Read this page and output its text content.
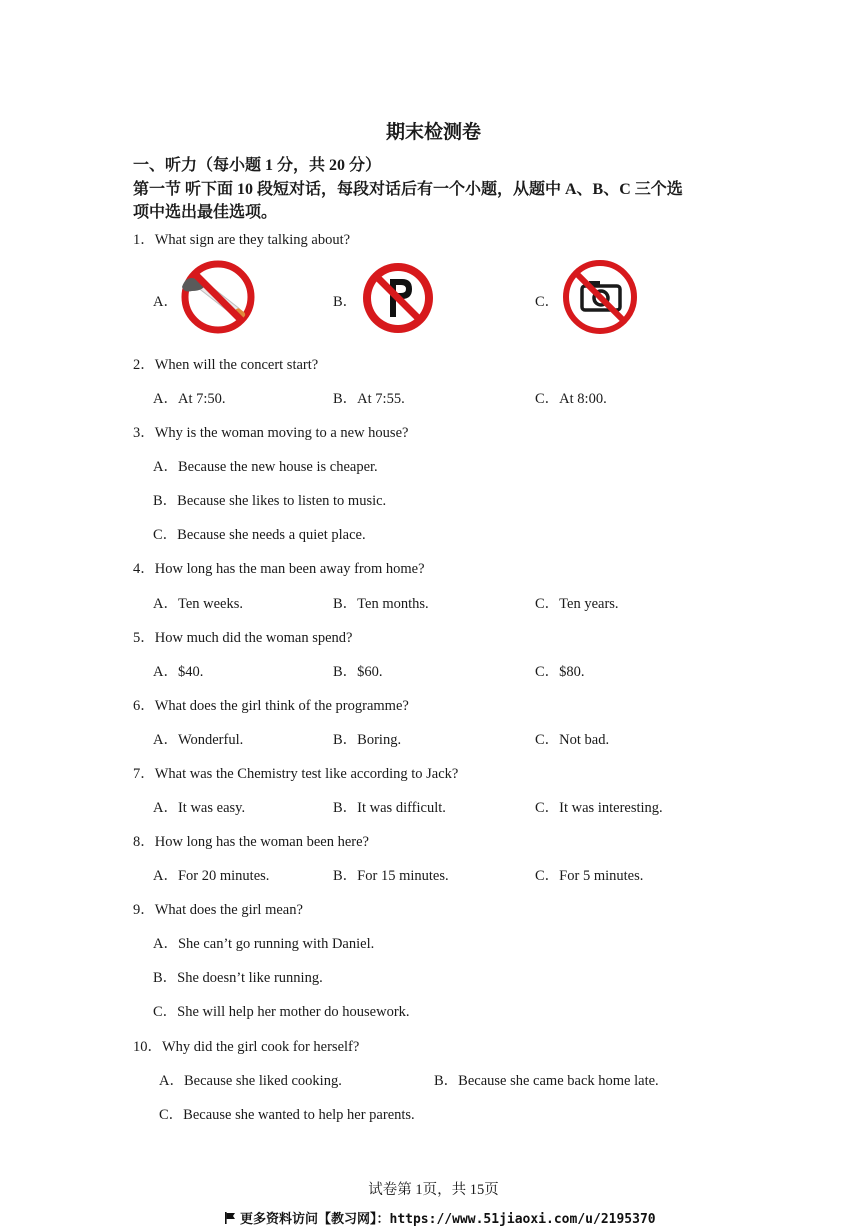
期末检测卷
一、听力（每小题 1 分，共 20 分）
第一节 听下面 10 段短对话，每段对话后有一个小题，从题中 A、B、C 三个选
项中选出最佳选项。
1．What sign are they talking about?
A．	B．	C．
2．When will the concert start?
A．At 7:50.	B．At 7:55.	C．At 8:00.
3．Why is the woman moving to a new house?
A．Because the new house is cheaper.
B．Because she likes to listen to music.
C．Because she needs a quiet place.
4．How long has the man been away from home?
A．Ten weeks.	B．Ten months.	C．Ten years.
5．How much did the woman spend?
A．$40.	B．$60.	C．$80.
6．What does the girl think of the programme?
A．Wonderful.	B．Boring.	C．Not bad.
7．What was the Chemistry test like according to Jack?
A．It was easy.	B．It was difficult.	C．It was interesting.
8．How long has the woman been here?
A．For 20 minutes.	B．For 15 minutes.	C．For 5 minutes.
9．What does the girl mean?
A．She can’t go running with Daniel.
B．She doesn’t like running.
C．She will help her mother do housework.
10．Why did the girl cook for herself?
A．Because she liked cooking.	B．Because she came back home late.
C．Because she wanted to help her parents.
试卷第 1页，共 15页
更多资料访问【教习网】：https://www.51jiaoxi.com/u/2195370
